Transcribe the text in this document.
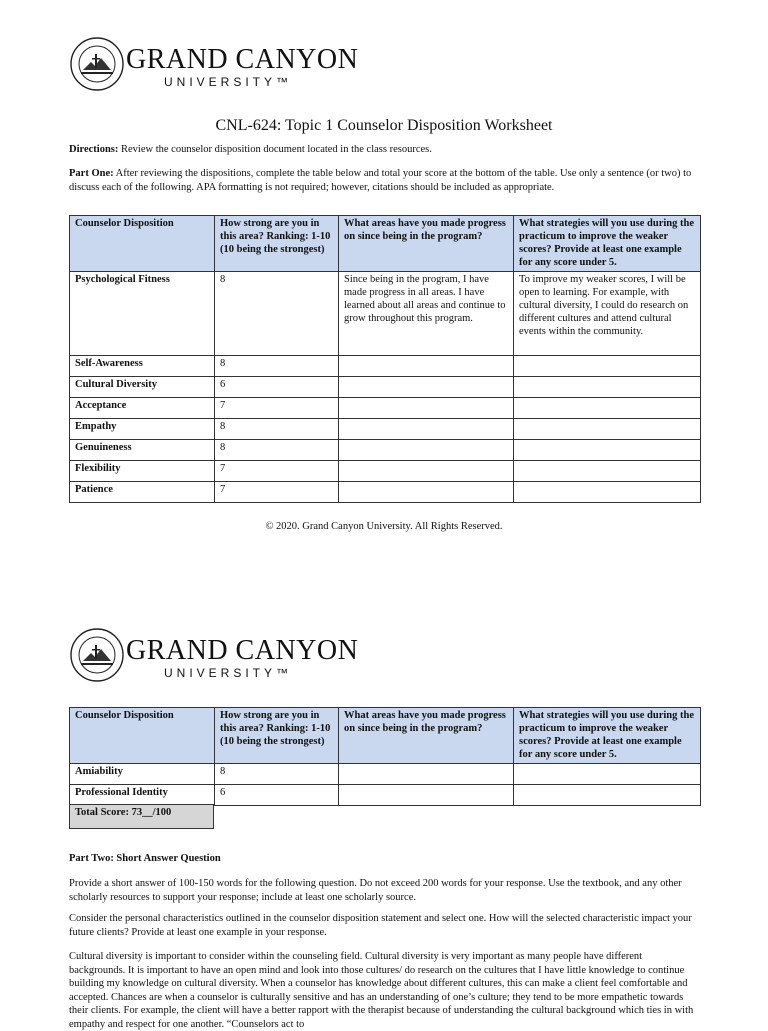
GRAND CANYON
UNIVERSITY™
CNL-624: Topic 1 Counselor Disposition Worksheet
Directions: Review the counselor disposition document located in the class resources.
Part One: After reviewing the dispositions, complete the table below and total your score at the bottom of the table. Use only a sentence (or two) to discuss each of the following. APA formatting is not required; however, citations should be included as appropriate.
Counselor Disposition	How strong are you in this area? Ranking: 1-10 (10 being the strongest)	What areas have you made progress on since being in the program?	What strategies will you use during the practicum to improve the weaker scores? Provide at least one example for any score under 5.
Psychological Fitness	8	Since being in the program, I have made progress in all areas. I have learned about all areas and continue to grow throughout this program.	To improve my weaker scores, I will be open to learning. For example, with cultural diversity, I could do research on different cultures and attend cultural events within the community.
Self-Awareness	8		
Cultural Diversity	6		
Acceptance	7		
Empathy	8		
Genuineness	8		
Flexibility	7		
Patience	7		
© 2020. Grand Canyon University. All Rights Reserved.
GRAND CANYON
UNIVERSITY™
Counselor Disposition	How strong are you in this area? Ranking: 1-10 (10 being the strongest)	What areas have you made progress on since being in the program?	What strategies will you use during the practicum to improve the weaker scores? Provide at least one example for any score under 5.
Amiability	8		
Professional Identity	6		
Total Score: 73__/100
Part Two: Short Answer Question
Provide a short answer of 100-150 words for the following question. Do not exceed 200 words for your response. Use the textbook, and any other scholarly resources to support your response; include at least one scholarly source.
Consider the personal characteristics outlined in the counselor disposition statement and select one. How will the selected characteristic impact your future clients? Provide at least one example in your response.
Cultural diversity is important to consider within the counseling field. Cultural diversity is very important as many people have different backgrounds. It is important to have an open mind and look into those cultures/ do research on the cultures that I have little knowledge to continue building my knowledge on cultural diversity. When a counselor has knowledge about different cultures, this can make a client feel comfortable and accepted. Chances are when a counselor is culturally sensitive and has an understanding of one’s culture; they tend to be more empathetic towards their clients. For example, the client will have a better rapport with the therapist because of understanding the cultural background which ties in with empathy and respect for one another. “Counselors act to
